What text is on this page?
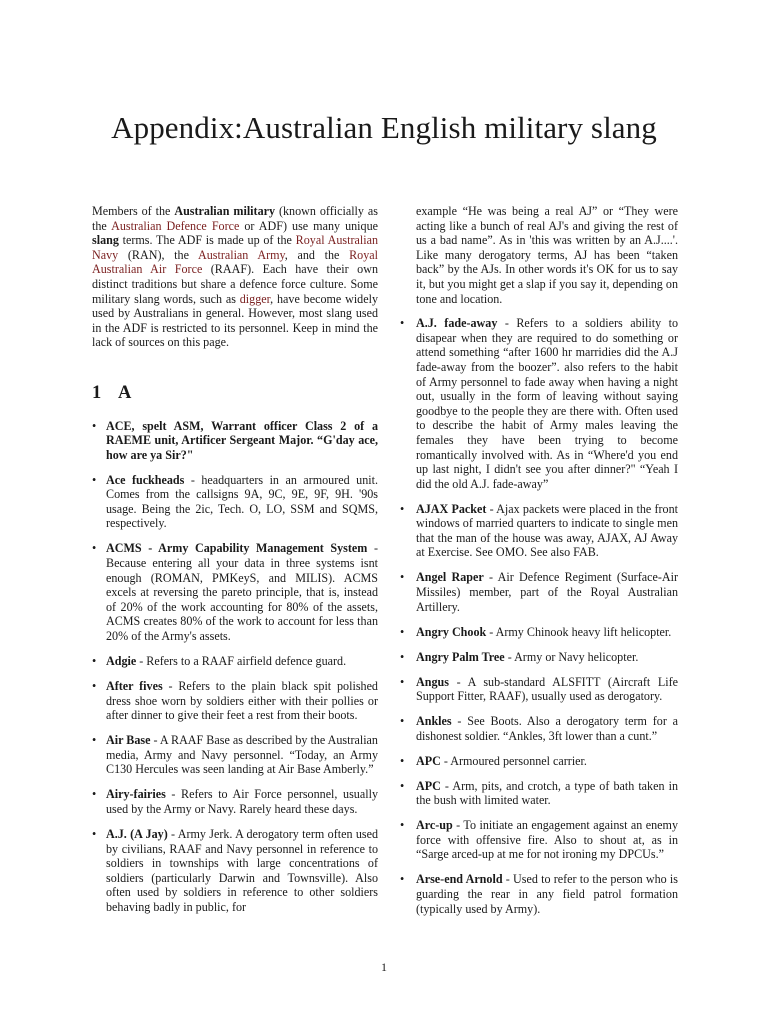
Appendix:Australian English military slang

Members of the Australian military (known officially as the Australian Defence Force or ADF) use many unique slang terms. The ADF is made up of the Royal Australian Navy (RAN), the Australian Army, and the Royal Australian Air Force (RAAF). Each have their own distinct traditions but share a defence force culture. Some military slang words, such as digger, have become widely used by Australians in general. However, most slang used in the ADF is restricted to its personnel. Keep in mind the lack of sources on this page.

1 A
• ACE, spelt ASM, Warrant officer Class 2 of a RAEME unit, Artificer Sergeant Major. “G'day ace, how are ya Sir?"
• Ace fuckheads - headquarters in an armoured unit. Comes from the callsigns 9A, 9C, 9E, 9F, 9H. '90s usage. Being the 2ic, Tech. O, LO, SSM and SQMS, respectively.
• ACMS - Army Capability Management System - Because entering all your data in three systems isnt enough (ROMAN, PMKeyS, and MILIS). ACMS excels at reversing the pareto principle, that is, instead of 20% of the work accounting for 80% of the assets, ACMS creates 80% of the work to account for less than 20% of the Army's assets.
• Adgie - Refers to a RAAF airfield defence guard.
• After fives - Refers to the plain black spit polished dress shoe worn by soldiers either with their pollies or after dinner to give their feet a rest from their boots.
• Air Base - A RAAF Base as described by the Australian media, Army and Navy personnel. “Today, an Army C130 Hercules was seen landing at Air Base Amberly.”
• Airy-fairies - Refers to Air Force personnel, usually used by the Army or Navy. Rarely heard these days.
• A.J. (A Jay) - Army Jerk. A derogatory term often used by civilians, RAAF and Navy personnel in reference to soldiers in townships with large concentrations of soldiers (particularly Darwin and Townsville). Also often used by soldiers in reference to other soldiers behaving badly in public, for

example “He was being a real AJ” or “They were acting like a bunch of real AJ's and giving the rest of us a bad name”. As in 'this was written by an A.J....'. Like many derogatory terms, AJ has been “taken back” by the AJs. In other words it's OK for us to say it, but you might get a slap if you say it, depending on tone and location.

• A.J. fade-away - Refers to a soldiers ability to disapear when they are required to do something or attend something “after 1600 hr marridies did the A.J fade-away from the boozer”. also refers to the habit of Army personnel to fade away when having a night out, usually in the form of leaving without saying goodbye to the people they are there with. Often used to describe the habit of Army males leaving the females they have been trying to become romantically involved with. As in “Where'd you end up last night, I didn't see you after dinner?" “Yeah I did the old A.J. fade-away”
• AJAX Packet - Ajax packets were placed in the front windows of married quarters to indicate to single men that the man of the house was away, AJAX, AJ Away at Exercise. See OMO. See also FAB.
• Angel Raper - Air Defence Regiment (Surface-Air Missiles) member, part of the Royal Australian Artillery.
• Angry Chook - Army Chinook heavy lift helicopter.
• Angry Palm Tree - Army or Navy helicopter.
• Angus - A sub-standard ALSFITT (Aircraft Life Support Fitter, RAAF), usually used as derogatory.
• Ankles - See Boots. Also a derogatory term for a dishonest soldier. “Ankles, 3ft lower than a cunt.”
• APC - Armoured personnel carrier.
• APC - Arm, pits, and crotch, a type of bath taken in the bush with limited water.
• Arc-up - To initiate an engagement against an enemy force with offensive fire. Also to shout at, as in “Sarge arced-up at me for not ironing my DPCUs.”
• Arse-end Arnold - Used to refer to the person who is guarding the rear in any field patrol formation (typically used by Army).
1
